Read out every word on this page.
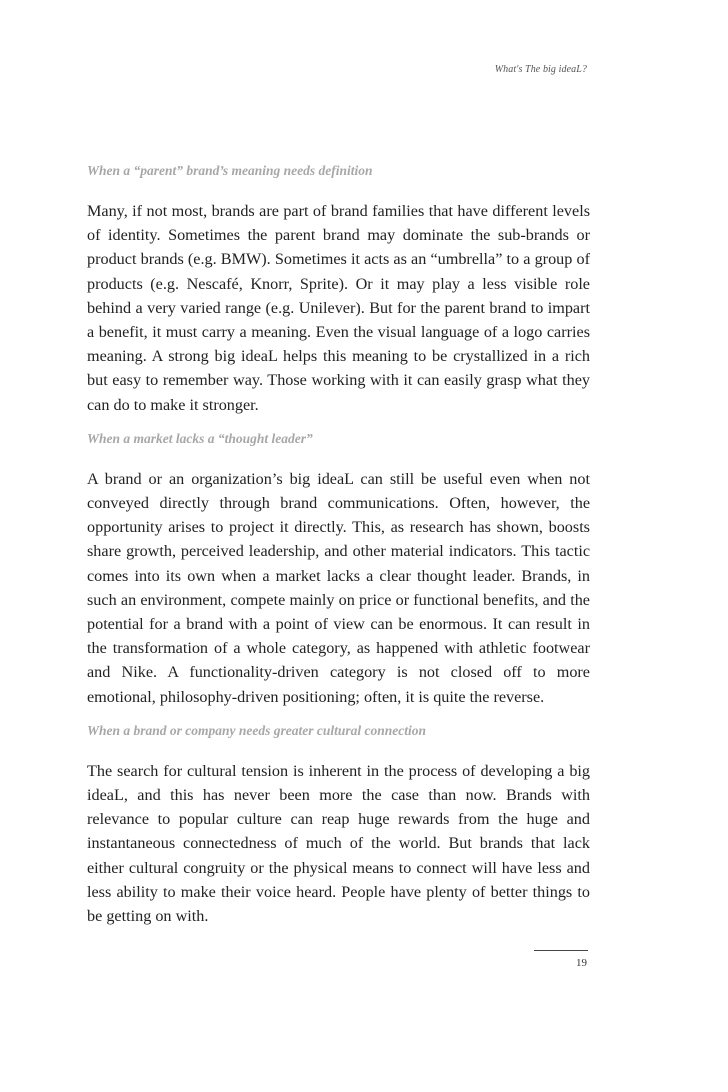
What's The big ideaL?
When a “parent” brand’s meaning needs definition

Many, if not most, brands are part of brand families that have different levels of identity. Sometimes the parent brand may dominate the sub-brands or product brands (e.g. BMW). Sometimes it acts as an “umbrella” to a group of products (e.g. Nescafé, Knorr, Sprite). Or it may play a less visible role behind a very varied range (e.g. Unilever). But for the parent brand to impart a benefit, it must carry a meaning. Even the visual language of a logo carries meaning. A strong big ideaL helps this meaning to be crystallized in a rich but easy to remember way. Those working with it can easily grasp what they can do to make it stronger.

When a market lacks a “thought leader”

A brand or an organization’s big ideaL can still be useful even when not conveyed directly through brand communications. Often, however, the opportunity arises to project it directly. This, as research has shown, boosts share growth, perceived leadership, and other material indicators. This tactic comes into its own when a market lacks a clear thought leader. Brands, in such an environment, compete mainly on price or functional benefits, and the potential for a brand with a point of view can be enormous. It can result in the transformation of a whole category, as happened with athletic footwear and Nike. A functionality-driven category is not closed off to more emotional, philosophy-driven positioning; often, it is quite the reverse.

When a brand or company needs greater cultural connection

The search for cultural tension is inherent in the process of developing a big ideaL, and this has never been more the case than now. Brands with relevance to popular culture can reap huge rewards from the huge and instantaneous connectedness of much of the world. But brands that lack either cultural congruity or the physical means to connect will have less and less ability to make their voice heard. People have plenty of better things to be getting on with.

19
